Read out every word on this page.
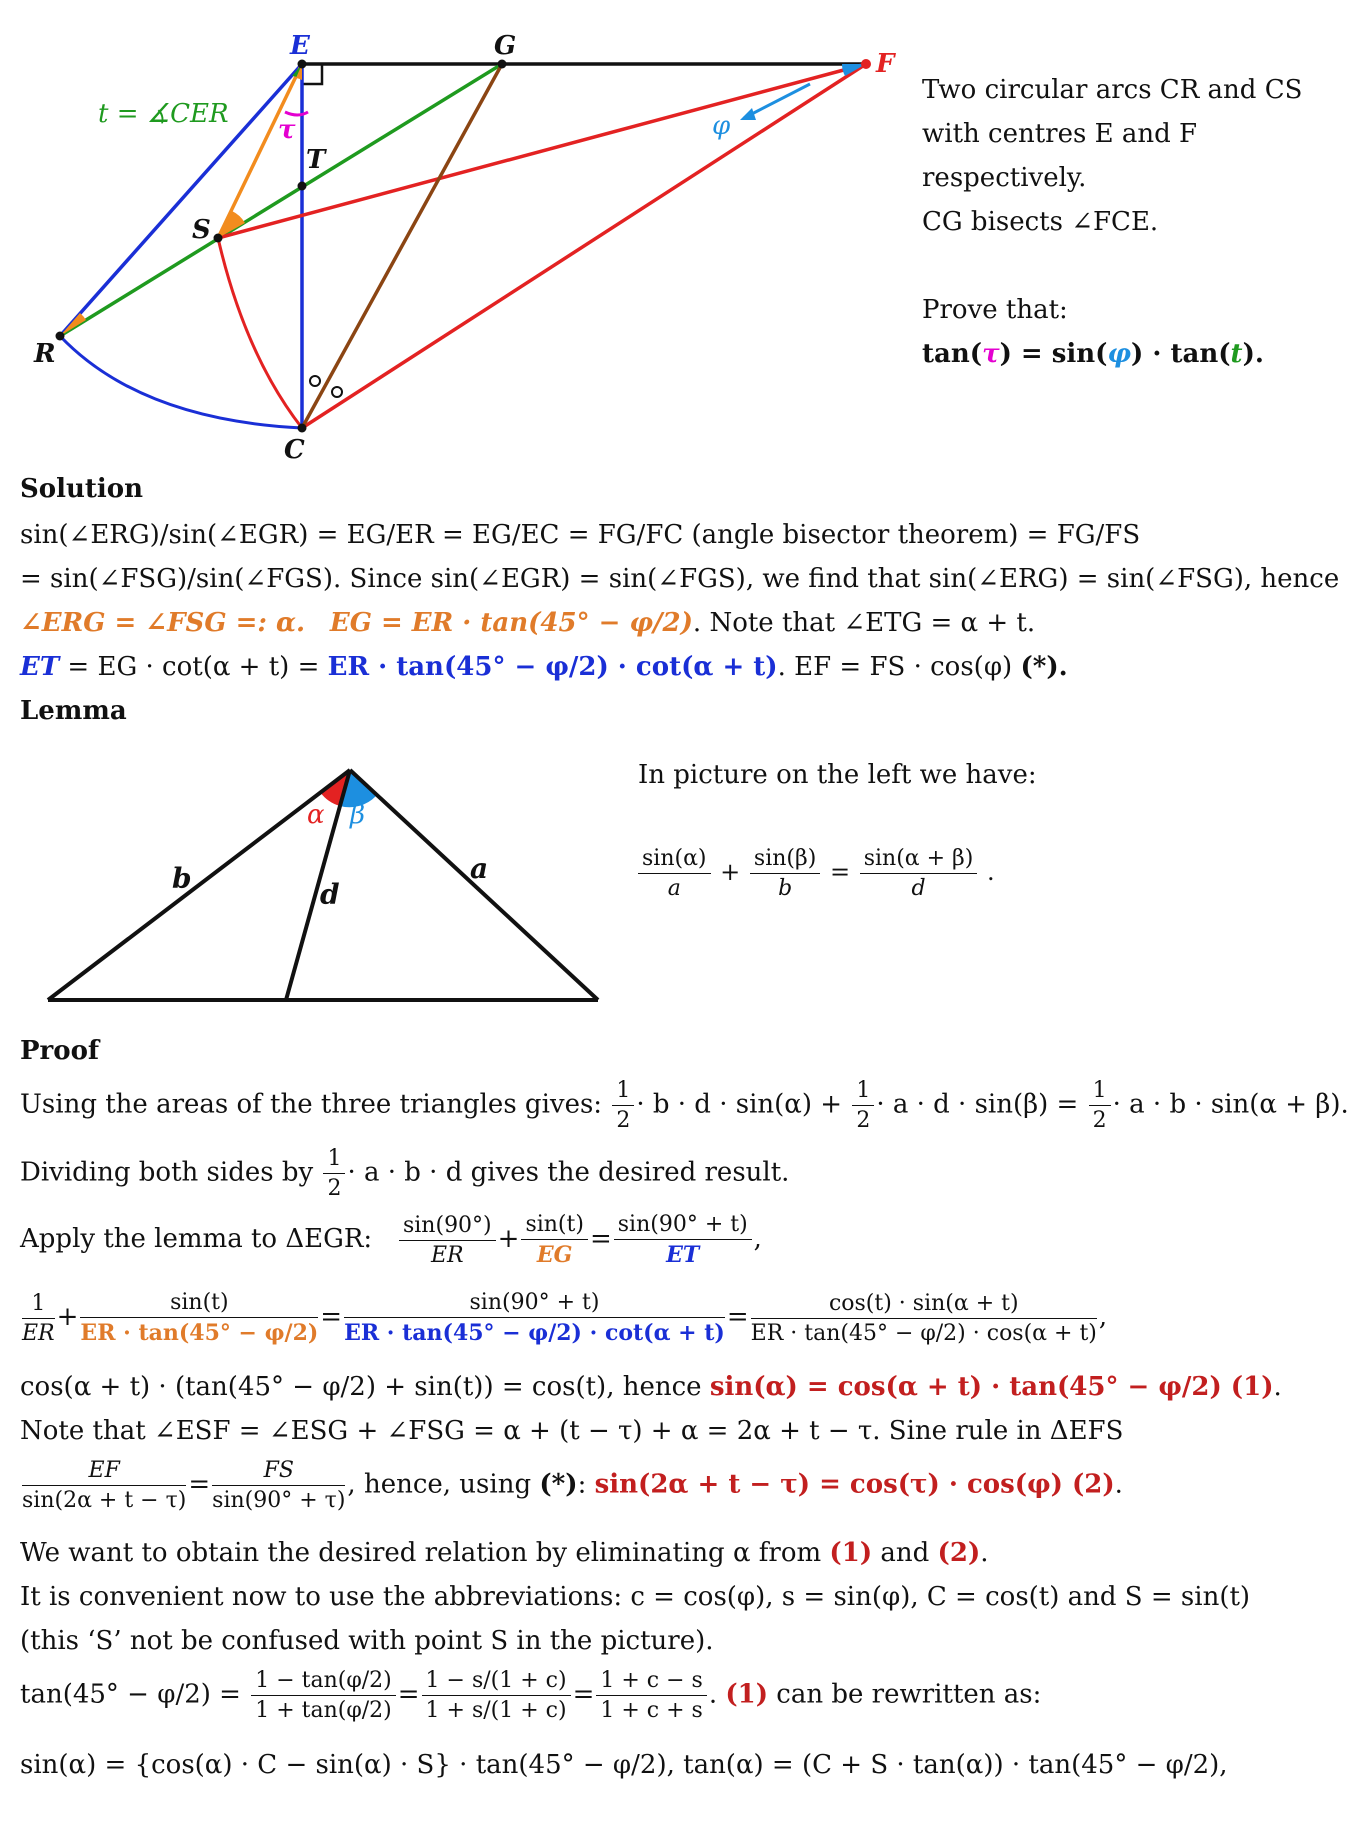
E	G
F
T
S
R
C
τ	φ
t = ∡CER
Two circular arcs CR and CS
with centres E and F
respectively.
CG bisects ∠FCE.
Prove that:
tan(τ) = sin(φ) · tan(t).
Solution
sin(∠ERG)/sin(∠EGR) = EG/ER = EG/EC = FG/FC (angle bisector theorem) = FG/FS
= sin(∠FSG)/sin(∠FGS). Since sin(∠EGR) = sin(∠FGS), we find that sin(∠ERG) = sin(∠FSG), hence
∠ERG = ∠FSG =: α. EG = ER · tan(45° − φ/2). Note that ∠ETG = α + t.
ET = EG · cot(α + t) = ER · tan(45° − φ/2) · cot(α + t). EF = FS · cos(φ) (*).
Lemma
α β
b	a
d
In picture on the left we have:
$\frac{\sin(\alpha)}{a} + \frac{\sin(\beta)}{b} = \frac{\sin(\alpha + \beta)}{d}$ .
Proof
Using the areas of the three triangles gives: $\frac{1}{2} \cdot b \cdot d \cdot \sin(\alpha) + \frac{1}{2} \cdot a \cdot d \cdot \sin(\beta) = \frac{1}{2} \cdot a \cdot b \cdot \sin(\alpha + \beta)$.
Dividing both sides by $\frac{1}{2} \cdot a \cdot b \cdot d$ gives the desired result.
Apply the lemma to ΔEGR: $\frac{\sin(90^\circ)}{ER} + \frac{\sin(t)}{EG} = \frac{\sin(90^\circ + t)}{ET}$ ,
$\frac{1}{ER} + \frac{\sin(t)}{ER \cdot \tan(45^\circ - \varphi/2)} = \frac{\sin(90^\circ + t)}{ER \cdot \tan(45^\circ - \varphi/2) \cdot \cot(\alpha + t)} = \frac{\cos(t) \cdot \sin(\alpha + t)}{ER \cdot \tan(45^\circ - \varphi/2) \cdot \cos(\alpha + t)}$ ,
cos(α + t) · (tan(45° − φ/2) + sin(t)) = cos(t), hence sin(α) = cos(α + t) · tan(45° − φ/2) (1).
Note that ∠ESF = ∠ESG + ∠FSG = α + (t − τ) + α = 2α + t − τ. Sine rule in ΔEFS
$\frac{EF}{\sin(2\alpha + t - \tau)} = \frac{FS}{\sin(90^\circ + \tau)}$ , hence, using (*): sin(2α + t − τ) = cos(τ) · cos(φ) (2).
We want to obtain the desired relation by eliminating α from (1) and (2).
It is convenient now to use the abbreviations: c = cos(φ), s = sin(φ), C = cos(t) and S = sin(t)
(this ‘S’ not be confused with point S in the picture).
$\tan(45^\circ - \varphi/2) = \frac{1 - \tan(\varphi/2)}{1 + \tan(\varphi/2)} = \frac{1 - s/(1 + c)}{1 + s/(1 + c)} = \frac{1 + c - s}{1 + c + s}$ . (1) can be rewritten as:
sin(α) = {cos(α) · C − sin(α) · S} · tan(45° − φ/2), tan(α) = (C + S · tan(α)) · tan(45° − φ/2),
